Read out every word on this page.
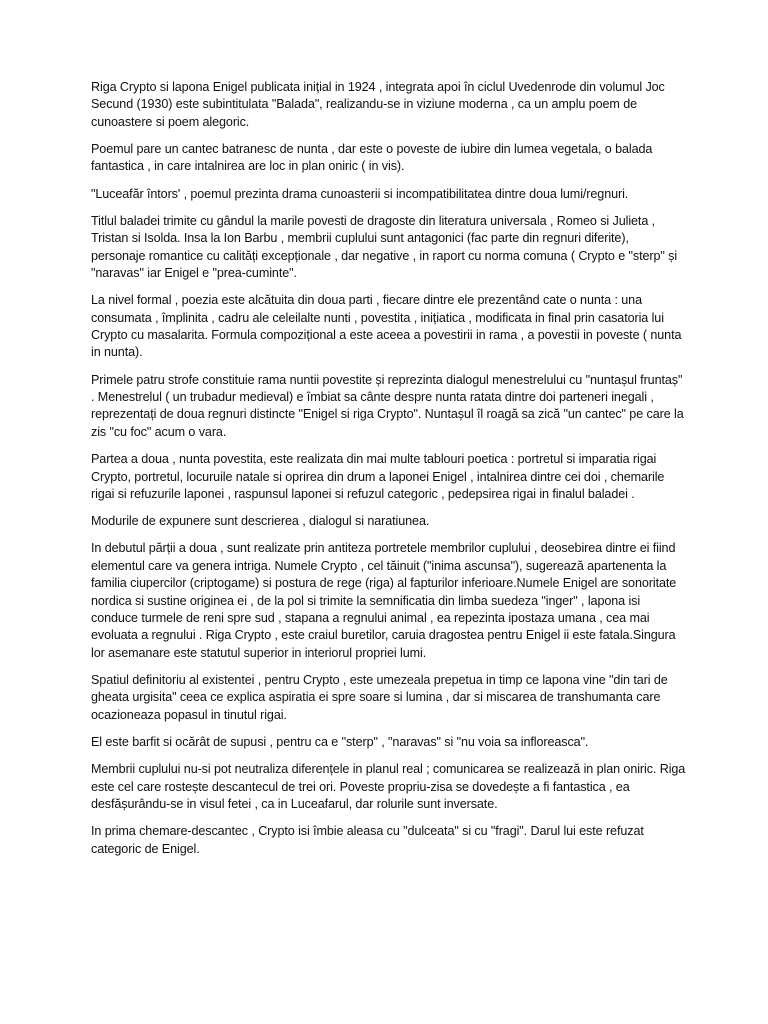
Riga Crypto si lapona Enigel publicata inițial in 1924 , integrata apoi în ciclul Uvedenrode din volumul Joc Secund (1930) este subintitulata "Balada", realizandu-se in viziune moderna , ca un amplu poem de cunoastere si poem alegoric.

Poemul pare un cantec batranesc de nunta , dar este o poveste de iubire din lumea vegetala, o balada fantastica , in care intalnirea are loc in plan oniric ( in vis).

"Luceafăr întors' , poemul prezinta drama cunoasterii si incompatibilitatea dintre doua lumi/regnuri.

Titlul baladei trimite cu gândul la marile povesti de dragoste din literatura universala , Romeo si Julieta , Tristan si Isolda. Insa la Ion Barbu , membrii cuplului sunt antagonici (fac parte din regnuri diferite), personaje romantice cu calități excepționale , dar negative , in raport cu norma comuna ( Crypto e "sterp" și "naravas" iar Enigel e "prea-cuminte".

La nivel formal , poezia este alcătuita din doua parti , fiecare dintre ele prezentând cate o nunta : una consumata , împlinita , cadru ale celeilalte nunti , povestita , inițiatica , modificata in final prin casatoria lui Crypto cu masalarita. Formula compozițional a este aceea a povestirii in rama , a povestii in poveste ( nunta in nunta).

Primele patru strofe constituie rama nuntii povestite și reprezinta dialogul menestrelului cu "nuntașul fruntaș" . Menestrelul ( un trubadur medieval) e îmbiat sa cânte despre nunta ratata dintre doi parteneri inegali , reprezentați de doua regnuri distincte "Enigel si riga Crypto". Nuntașul îl roagă sa zică "un cantec" pe care la zis "cu foc" acum o vara.

Partea a doua , nunta povestita, este realizata din mai multe tablouri poetica : portretul si imparatia rigai Crypto, portretul, locuruile natale si oprirea din drum a laponei Enigel , intalnirea dintre cei doi , chemarile rigai si refuzurile laponei , raspunsul laponei si refuzul categoric , pedepsirea rigai in finalul baladei .

Modurile de expunere sunt descrierea , dialogul si naratiunea.

In debutul părții a doua , sunt realizate prin antiteza portretele membrilor cuplului , deosebirea dintre ei fiind elementul care va genera intriga. Numele Crypto , cel tăinuit ("inima ascunsa"), sugerează apartenenta la familia ciupercilor (criptogame) si postura de rege (riga) al fapturilor inferioare.Numele Enigel are sonoritate nordica si sustine originea ei , de la pol si trimite la semnificatia din limba suedeza "inger" , lapona isi conduce turmele de reni spre sud , stapana a regnului animal , ea repezinta ipostaza umana , cea mai evoluata a regnului . Riga Crypto , este craiul buretilor, caruia dragostea pentru Enigel ii este fatala.Singura lor asemanare este statutul superior in interiorul propriei lumi.

Spatiul definitoriu al existentei , pentru Crypto , este umezeala prepetua in timp ce lapona vine "din tari de gheata urgisita" ceea ce explica aspiratia ei spre soare si lumina , dar si miscarea de transhumanta care ocazioneaza popasul in tinutul rigai.

El este barfit si ocărât de supusi , pentru ca e "sterp" , "naravas" si "nu voia sa infloreasca".

Membrii cuplului nu-si pot neutraliza diferențele in planul real ; comunicarea se realizează in plan oniric. Riga este cel care rostește descantecul de trei ori. Poveste propriu-zisa se dovedește a fi fantastica , ea desfășurându-se in visul fetei , ca in Luceafarul, dar rolurile sunt inversate.

In prima chemare-descantec , Crypto isi îmbie aleasa cu "dulceata" si cu "fragi". Darul lui este refuzat categoric de Enigel.
